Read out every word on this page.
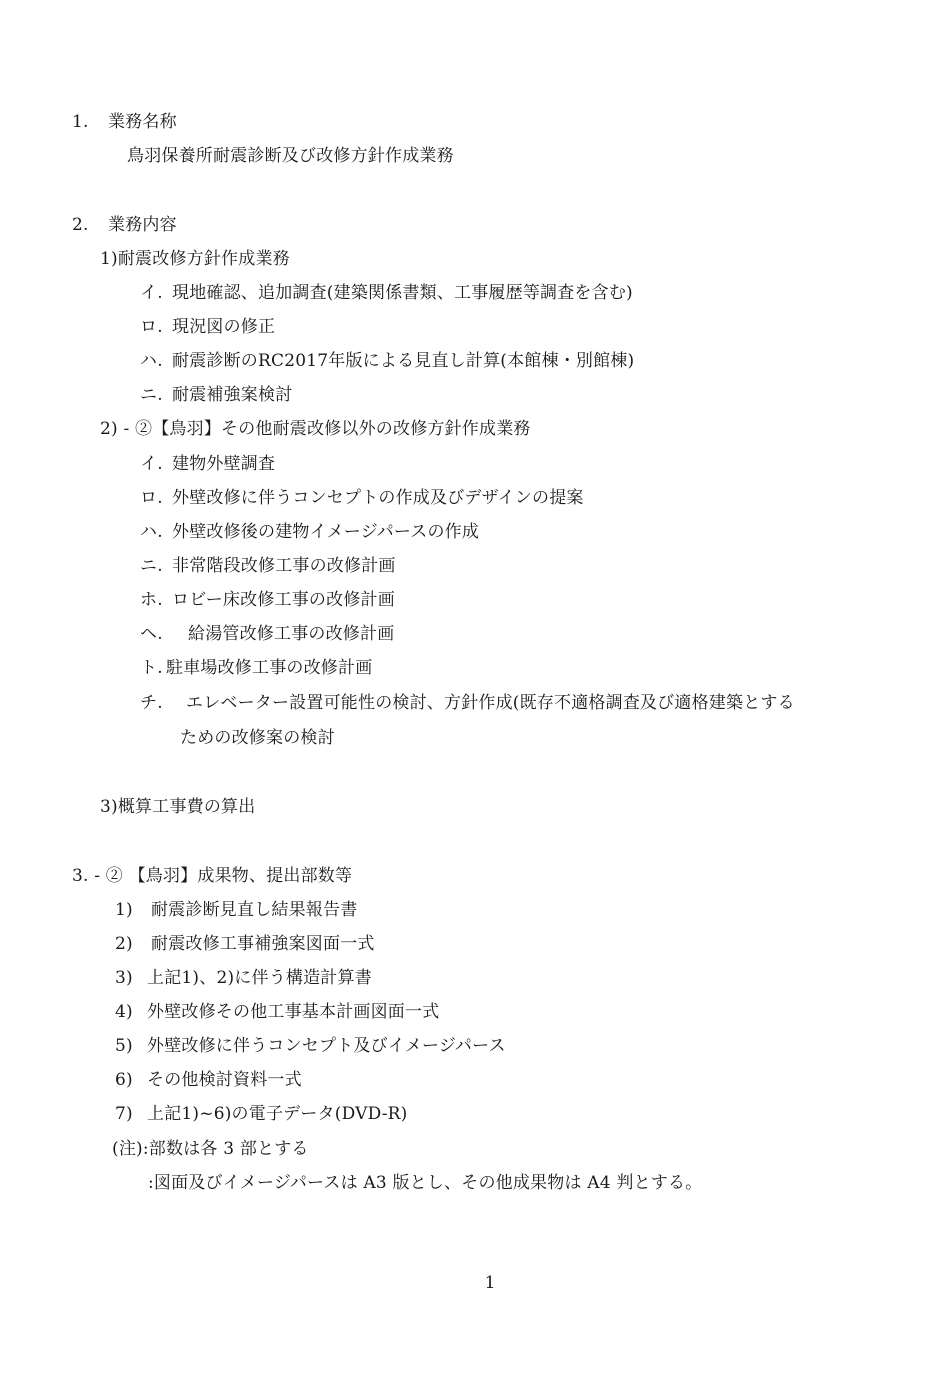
1. 業務名称
鳥羽保養所耐震診断及び改修方針作成業務
2. 業務内容
1)耐震改修方針作成業務
イ. 現地確認、追加調査(建築関係書類、工事履歴等調査を含む)
ロ. 現況図の修正
ハ. 耐震診断のRC2017年版による見直し計算(本館棟・別館棟)
ニ. 耐震補強案検討
2) - ②【鳥羽】その他耐震改修以外の改修方針作成業務
イ. 建物外壁調査
ロ. 外壁改修に伴うコンセプトの作成及びデザインの提案
ハ. 外壁改修後の建物イメージパースの作成
ニ. 非常階段改修工事の改修計画
ホ. ロビー床改修工事の改修計画
ヘ. 給湯管改修工事の改修計画
ト. 駐車場改修工事の改修計画
チ. エレベーター設置可能性の検討、方針作成(既存不適格調査及び適格建築とする
ための改修案の検討
3)概算工事費の算出
3. - ② 【鳥羽】成果物、提出部数等
1) 耐震診断見直し結果報告書
2) 耐震改修工事補強案図面一式
3) 上記1)、2)に伴う構造計算書
4) 外壁改修その他工事基本計画図面一式
5) 外壁改修に伴うコンセプト及びイメージパース
6) その他検討資料一式
7) 上記1)~6)の電子データ(DVD-R)
(注):部数は各 3 部とする
:図面及びイメージパースは A3 版とし、その他成果物は A4 判とする。
1
